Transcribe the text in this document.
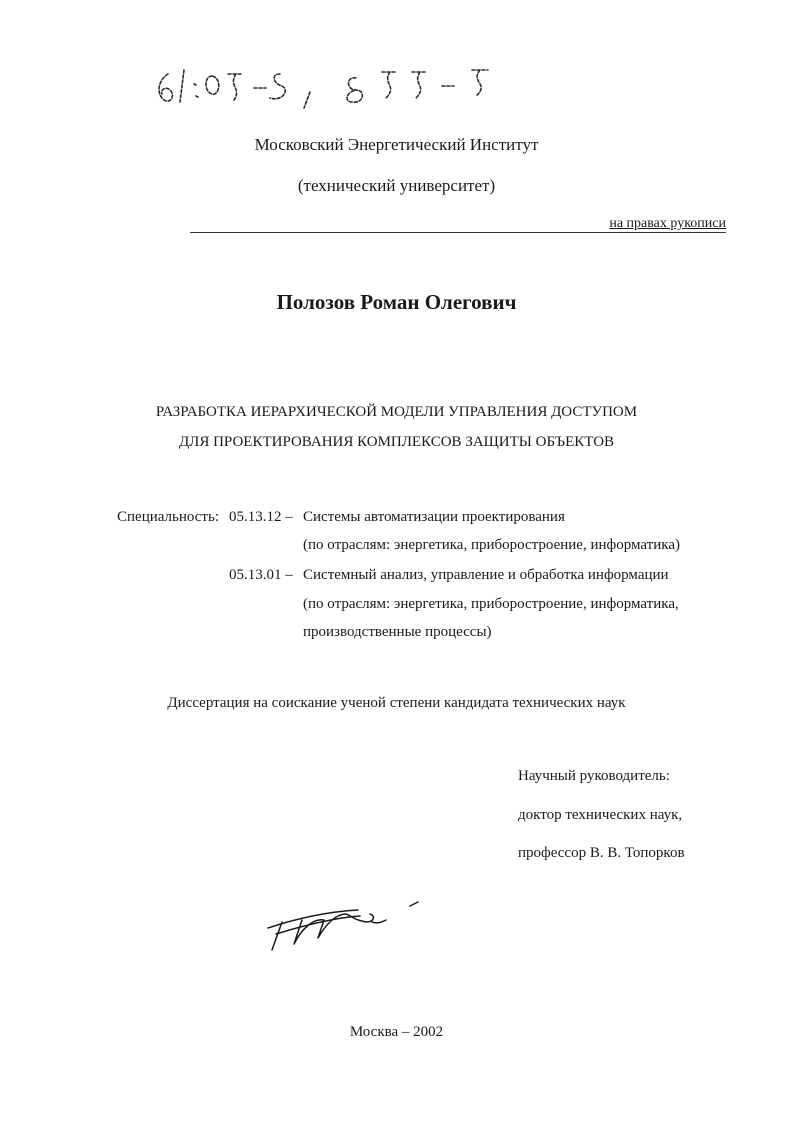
Московский Энергетический Институт
(технический университет)
на правах рукописи
Полозов Роман Олегович
РАЗРАБОТКА ИЕРАРХИЧЕСКОЙ МОДЕЛИ УПРАВЛЕНИЯ ДОСТУПОМ
ДЛЯ ПРОЕКТИРОВАНИЯ КОМПЛЕКСОВ ЗАЩИТЫ ОБЪЕКТОВ
Специальность: 05.13.12 – Системы автоматизации проектирования
(по отраслям: энергетика, приборостроение, информатика)
05.13.01 – Системный анализ, управление и обработка информации
(по отраслям: энергетика, приборостроение, информатика,
производственные процессы)
Диссертация на соискание ученой степени кандидата технических наук
Научный руководитель:
доктор технических наук,
профессор В. В. Топорков
Москва – 2002
